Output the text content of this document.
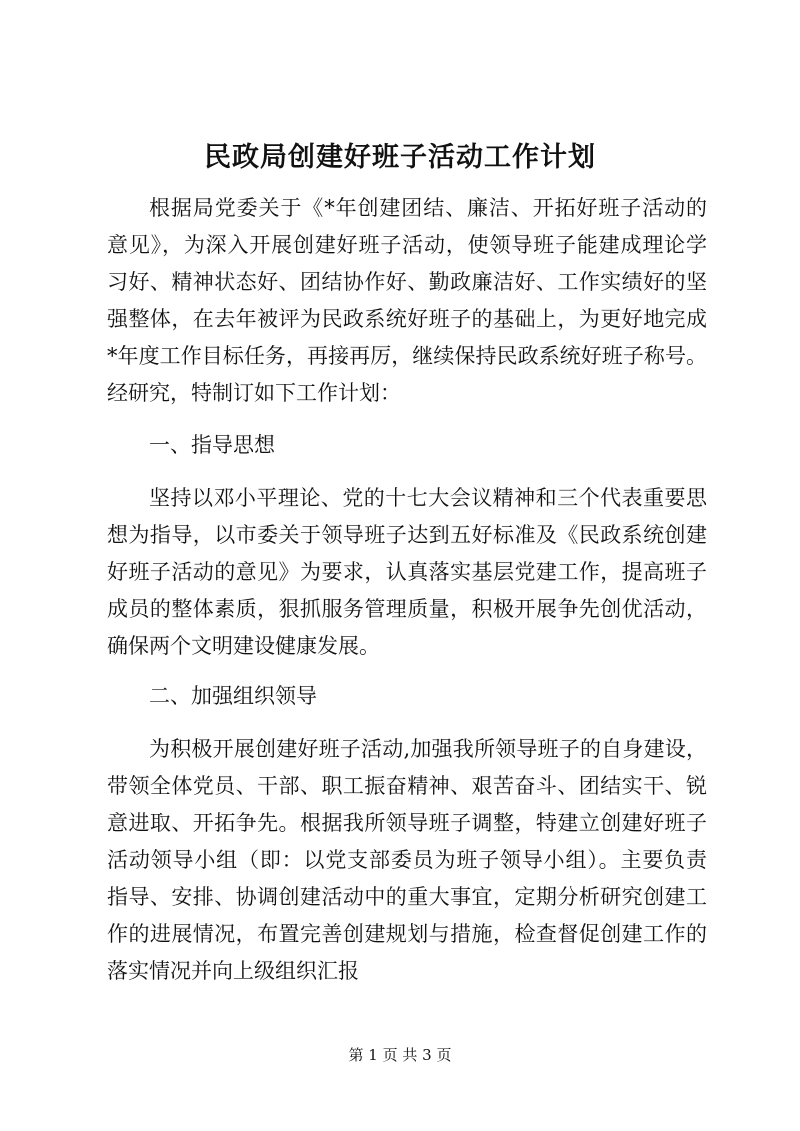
民政局创建好班子活动工作计划

根据局党委关于《*年创建团结、廉洁、开拓好班子活动的

意见》，为深入开展创建好班子活动，使领导班子能建成理论学

习好、精神状态好、团结协作好、勤政廉洁好、工作实绩好的坚

强整体，在去年被评为民政系统好班子的基础上，为更好地完成

*年度工作目标任务，再接再厉，继续保持民政系统好班子称号。

经研究，特制订如下工作计划：

一、指导思想

坚持以邓小平理论、党的十七大会议精神和三个代表重要思

想为指导，以市委关于领导班子达到五好标准及《民政系统创建

好班子活动的意见》为要求，认真落实基层党建工作，提高班子

成员的整体素质，狠抓服务管理质量，积极开展争先创优活动，

确保两个文明建设健康发展。

二、加强组织领导

为积极开展创建好班子活动,加强我所领导班子的自身建设，

带领全体党员、干部、职工振奋精神、艰苦奋斗、团结实干、锐

意进取、开拓争先。根据我所领导班子调整，特建立创建好班子

活动领导小组（即：以党支部委员为班子领导小组）。主要负责

指导、安排、协调创建活动中的重大事宜，定期分析研究创建工

作的进展情况，布置完善创建规划与措施，检查督促创建工作的

落实情况并向上级组织汇报

第 1 页 共 3 页
